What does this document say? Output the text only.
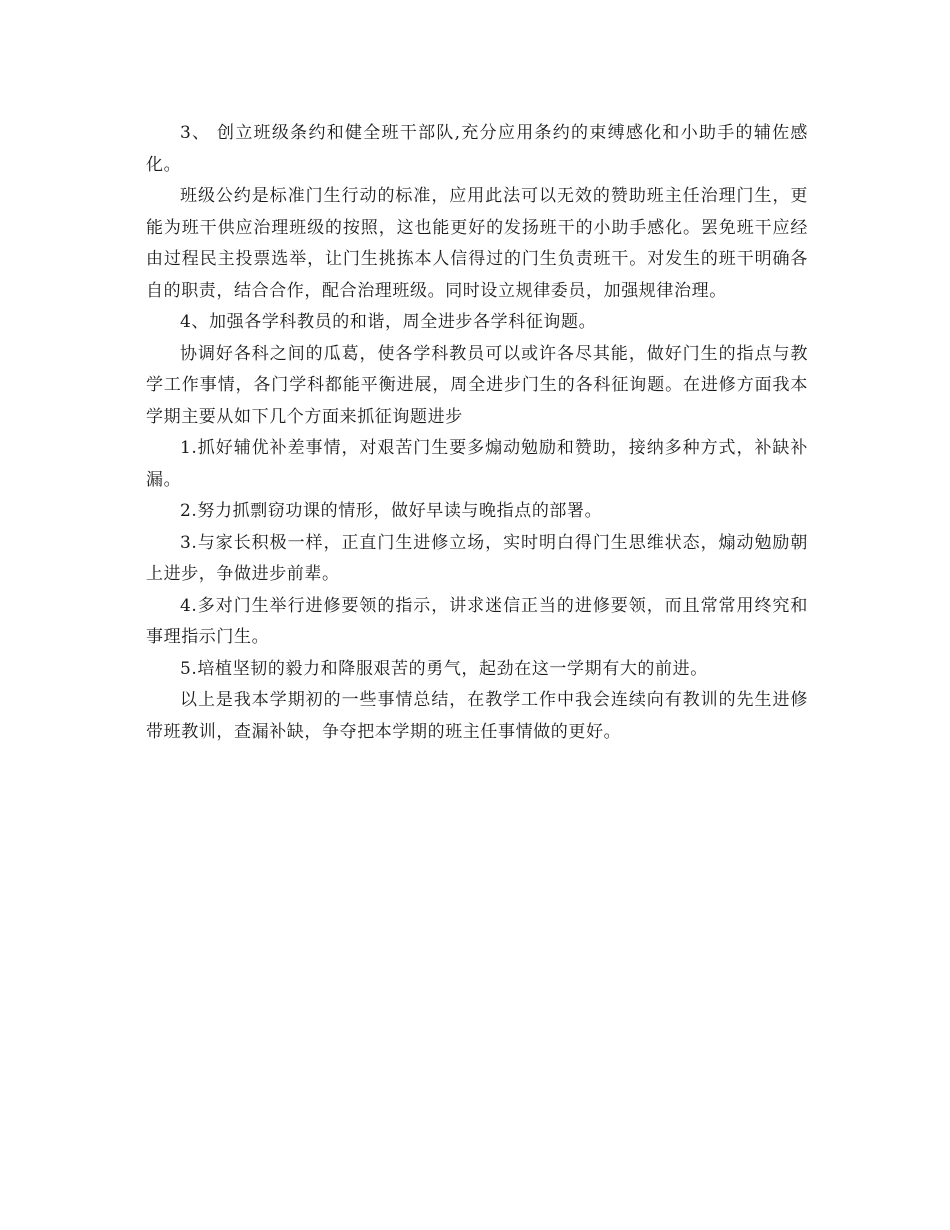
3、 创立班级条约和健全班干部队,充分应用条约的束缚感化和小助手的辅佐感化。

班级公约是标准门生行动的标准，应用此法可以无效的赞助班主任治理门生，更能为班干供应治理班级的按照，这也能更好的发扬班干的小助手感化。罢免班干应经由过程民主投票选举，让门生挑拣本人信得过的门生负责班干。对发生的班干明确各自的职责，结合合作，配合治理班级。同时设立规律委员，加强规律治理。

4、加强各学科教员的和谐，周全进步各学科征询题。

协调好各科之间的瓜葛，使各学科教员可以或许各尽其能，做好门生的指点与教学工作事情，各门学科都能平衡进展，周全进步门生的各科征询题。在进修方面我本学期主要从如下几个方面来抓征询题进步

1.抓好辅优补差事情，对艰苦门生要多煽动勉励和赞助，接纳多种方式，补缺补漏。

2.努力抓剽窃功课的情形，做好早读与晚指点的部署。

3.与家长积极一样，正直门生进修立场，实时明白得门生思维状态，煽动勉励朝上进步，争做进步前辈。

4.多对门生举行进修要领的指示，讲求迷信正当的进修要领，而且常常用终究和事理指示门生。

5.培植坚韧的毅力和降服艰苦的勇气，起劲在这一学期有大的前进。

以上是我本学期初的一些事情总结，在教学工作中我会连续向有教训的先生进修带班教训，查漏补缺，争夺把本学期的班主任事情做的更好。
